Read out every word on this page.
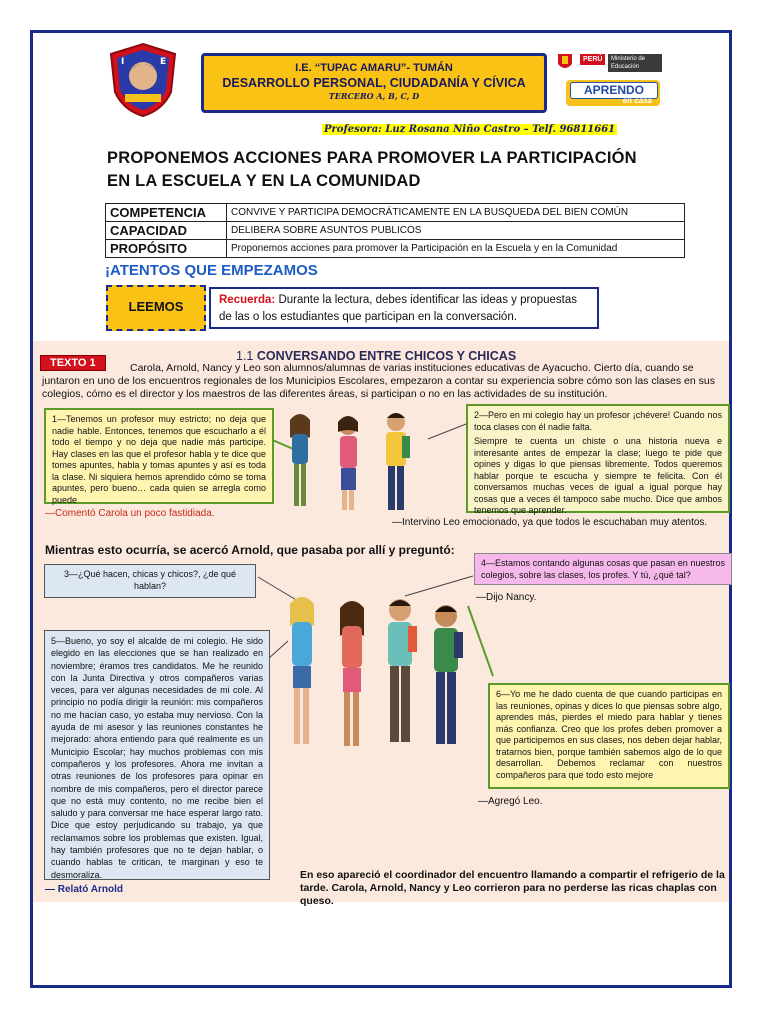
I	E	I.E. “TUPAC AMARU”- TUMÁN
DESARROLLO PERSONAL, CIUDADANÍA Y CÍVICA
TERCERO A, B, C, D
PERÚ	Ministerio de Educación
APRENDO
en casa
Profesora: Luz Rosana Niño Castro – Telf. 96811661
PROPONEMOS ACCIONES PARA PROMOVER LA PARTICIPACIÓN
EN LA ESCUELA Y EN LA COMUNIDAD
COMPETENCIA	CONVIVE Y PARTICIPA DEMOCRÁTICAMENTE EN LA BUSQUEDA DEL BIEN COMÚN
CAPACIDAD	DELIBERA SOBRE ASUNTOS PUBLICOS
PROPÓSITO	Proponemos acciones para promover la Participación en la Escuela y en la Comunidad
¡ATENTOS QUE EMPEZAMOS
LEEMOS	Recuerda: Durante la lectura, debes identificar las ideas y propuestas de las o los estudiantes que participan en la conversación.
TEXTO 1	1.1 CONVERSANDO ENTRE CHICOS Y CHICAS
Carola, Arnold, Nancy y Leo son alumnos/alumnas de varias instituciones educativas de Ayacucho. Cierto día, cuando se juntaron en uno de los encuentros regionales de los Municipios Escolares, empezaron a contar su experiencia sobre cómo son las clases en sus colegios, cómo es el director y los maestros de las diferentes áreas, si participan o no en las actividades de su institución.
1—Tenemos un profesor muy estricto; no deja que nadie hable. Entonces, tenemos que escucharlo a él todo el tiempo y no deja que nadie más participe. Hay clases en las que el profesor habla y te dice que tomes apuntes, habla y tomas apuntes y así es toda la clase. Ni siquiera hemos aprendido cómo se toma apuntes, pero bueno… cada quien se arregla como puede
—Comentó Carola un poco fastidiada.
2—Pero en mi colegio hay un profesor ¡chévere! Cuando nos toca clases con él nadie falta.
Siempre te cuenta un chiste o una historia nueva e interesante antes de empezar la clase; luego te pide que opines y digas lo que piensas libremente. Todos queremos hablar porque te escucha y siempre te felicita. Con él conversamos muchas veces de igual a igual porque hay cosas que a veces él tampoco sabe mucho. Dice que ambos tenemos que aprender.
—Intervino Leo emocionado, ya que todos le escuchaban muy atentos.
Mientras esto ocurría, se acercó Arnold, que pasaba por allí y preguntó:
3—¿Qué hacen, chicas y chicos?, ¿de qué hablan?
4—Estamos contando algunas cosas que pasan en nuestros colegios, sobre las clases, los profes. Y tú, ¿qué tal?
—Dijo Nancy.
5—Bueno, yo soy el alcalde de mi colegio. He sido elegido en las elecciones que se han realizado en noviembre; éramos tres candidatos. Me he reunido con la Junta Directiva y otros compañeros varias veces, para ver algunas necesidades de mi cole. Al principio no podía dirigir la reunión: mis compañeros no me hacían caso, yo estaba muy nervioso. Con la ayuda de mi asesor y las reuniones constantes he mejorado: ahora entiendo para qué realmente es un Municipio Escolar; hay muchos problemas con mis compañeros y los profesores. Ahora me invitan a otras reuniones de los profesores para opinar en nombre de mis compañeros, pero el director parece que no está muy contento, no me recibe bien el saludo y para conversar me hace esperar largo rato. Dice que estoy perjudicando su trabajo, ya que reclamamos sobre los problemas que existen. Igual, hay también profesores que no te dejan hablar, o cuando hablas te critican, te marginan y eso te desmoraliza.
— Relató Arnold
6—Yo me he dado cuenta de que cuando participas en las reuniones, opinas y dices lo que piensas sobre algo, aprendes más, pierdes el miedo para hablar y tienes más confianza. Creo que los profes deben promover a que participemos en sus clases, nos deben dejar hablar, tratarnos bien, porque también sabemos algo de lo que desarrollan. Debemos reclamar con nuestros compañeros para que todo esto mejore
—Agregó Leo.
En eso apareció el coordinador del encuentro llamando a compartir el refrigerio de la tarde. Carola, Arnold, Nancy y Leo corrieron para no perderse las ricas chaplas con queso.
